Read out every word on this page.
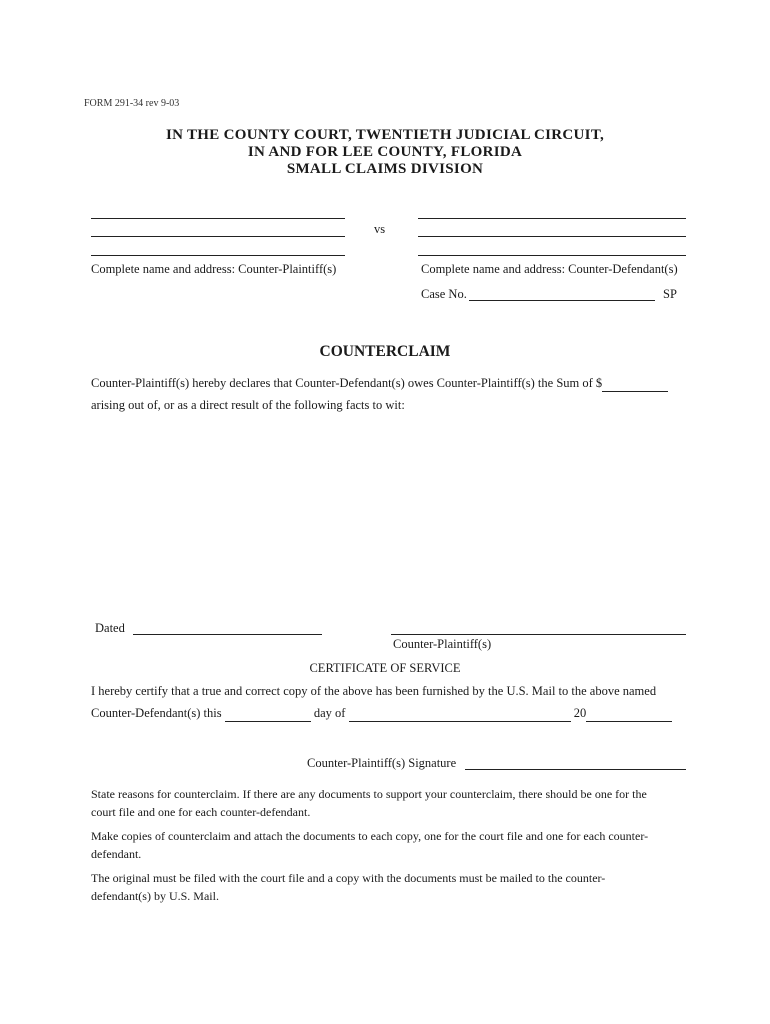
FORM 291-34 rev 9-03
IN THE COUNTY COURT, TWENTIETH JUDICIAL CIRCUIT,
IN AND FOR LEE COUNTY, FLORIDA
SMALL CLAIMS DIVISION
vs
Complete name and address: Counter-Plaintiff(s)	Complete name and address: Counter-Defendant(s)
Case No.	SP
COUNTERCLAIM
Counter-Plaintiff(s) hereby declares that Counter-Defendant(s) owes Counter-Plaintiff(s) the Sum of $
arising out of, or as a direct result of the following facts to wit:
Dated
Counter-Plaintiff(s)
CERTIFICATE OF SERVICE
I hereby certify that a true and correct copy of the above has been furnished by the U.S. Mail to the above named
Counter-Defendant(s) this	day of	20
Counter-Plaintiff(s) Signature
State reasons for counterclaim. If there are any documents to support your counterclaim, there should be one for the
court file and one for each counter-defendant.
Make copies of counterclaim and attach the documents to each copy, one for the court file and one for each counter-
defendant.
The original must be filed with the court file and a copy with the documents must be mailed to the counter-
defendant(s) by U.S. Mail.
